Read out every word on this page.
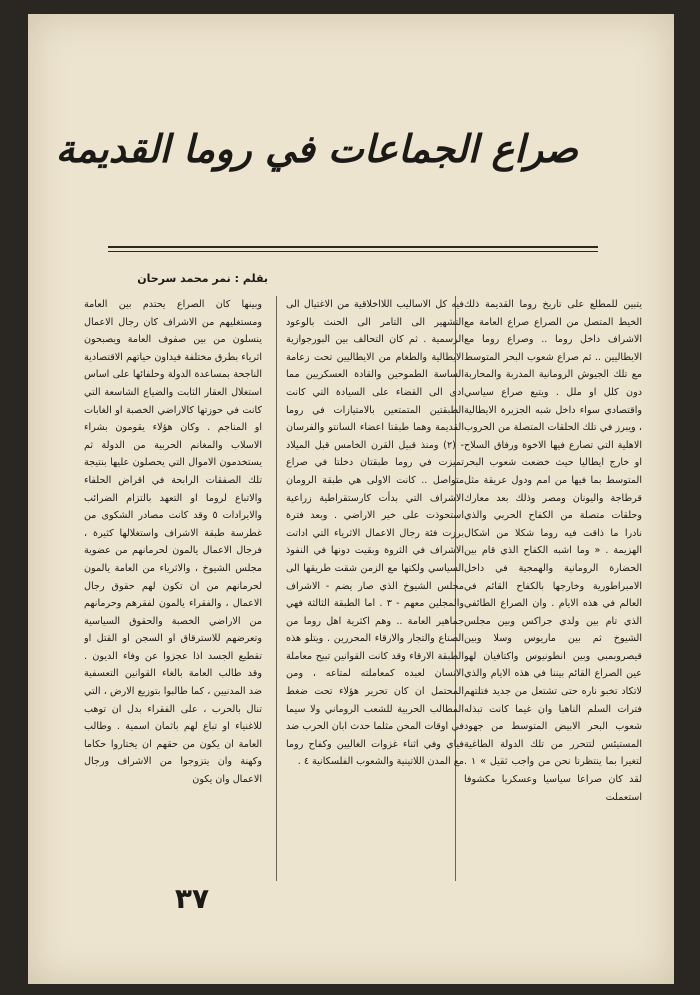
صراع الجماعات في روما القديمة
بقلم : نمر محمد سرحان

يتبين للمطلع على تاريخ روما القديمة ذلك الخيط المتصل من الصراع صراع العامة مع الاشراف داخل روما .. وصراع روما مع الايطاليين .. ثم صراع شعوب البحر المتوسط مع تلك الجيوش الرومانية المدربة والمحاربة دون كلل او ملل . ويتبع صراع سياسي واقتصادي سواء داخل شبه الجزيرة الايطالية ، ويبرز في تلك الحلقات المتصلة من الحروب الاهلية التي تصارع فيها الاخوة ورفاق السلاح او خارج ايطاليا حيث خضعت شعوب البحر المتوسط بما فيها من امم ودول عريقة مثل قرطاجة واليونان ومصر وذلك بعد معارك وحلقات متصلة من الكفاح الحربي والذي نادرا ما ذاقت فيه روما شكلا من اشكال الهزيمة . « وما اشبه الكفاح الذي قام بين الحضارة الرومانية والهمجية في داخل الامبراطورية وخارجها بالكفاح القائم في العالم في هذه الايام . وان الصراع الطائفي الذي تام بين ولدي جراكس وبين مجلس الشيوخ ثم بين ماريوس وسلا وبين قيصروبمبي وبين انطونيوس واكتافيان لهو عين الصراع القائم بيننا في هذه الايام والذي لاتكاد تخبو ناره حتى تشتعل من جديد فتلتهم فترات السلم الناهبا وان غيما كانت تبذله شعوب البحر الابيض المتوسط من جهود المستيئس لتتحرر من تلك الدولة الطاغية لتغيرا بما ينتظرنا نحن من واجب ثقيل » ١ . لقد كان صراعا سياسيا وعسكريا مكشوفا استعملت

فيه كل الاساليب اللااخلاقية من الاغتيال الى التشهير الى التامر الى الحنث بالوعود الرسمية . ثم كان التحالف بين البورجوازية الايطالية والطغام من الايطاليين تحت زعامة الساسة الطموحين والقادة العسكريين مما ادى الى القضاء على السيادة التي كانت الطبقتين المتمتعين بالامتيازات في روما القديمة وهما طبقتا اعضاء السانتو والفرسان - (٢) ومنذ قبيل القرن الخامس قبل الميلاد تميزت في روما طبقتان دخلتا في صراع متواصل .. كانت الاولى هي طبقة الرومان الاشراف التي بدأت كارستقراطية زراعية استحوذت على خير الاراضي . وبعد فترة برزت فئة رجال الاعمال الاثرياء التي اداتت الاشراف في الثروة وبقيت دونها في النفوذ السياسي ولكنها مع الزمن شقت طريقها الى مجلس الشيوخ الذي صار يضم - الاشراف والمجلين معهم - ٣ . اما الطبقة الثالثة فهي جماهير العامة .. وهم اكثرية اهل روما من الصناع والتجار والارقاء المحررين . ويتلو هذه الطبقة الارقاء وقد كانت القوانين تبيح معاملة الانسان لعبده كمعاملته لمتاعه ، ومن المحتمل ان كان تحرير هؤلاء تحت ضغط المطالب الحربية للشعب الروماني ولا سيما في اوقات المحن مثلما حدث ابان الحرب ضد فياي وفي اثناء غزوات الغاليين وكفاح روما مع المدن اللاتينية والشعوب الفلسكانية ٤ .

وبينها كان الصراع يحتدم بين العامة ومستغليهم من الاشراف كان رجال الاعمال ينسلون من بين صفوف العامة ويصبحون اثرياء بطرق مختلفة فيداون حياتهم الاقتصادية الناجحة بمساعدة الدولة وحلفائها على اساس استغلال العقار الثابت والضياع الشاسعة التي كانت في حوزتها كالاراضي الخصبة او الغابات او المناجم . وكان هؤلاء يقومون بشراء الاسلاب والمغانم الحربية من الدولة ثم يستخدمون الاموال التي يحصلون عليها بنتيجة تلك الصفقات الرابحة في اقراض الحلفاء والاتباع لروما او التعهد بالتزام الضرائب والايرادات ٥ وقد كانت مصادر الشكوى من غطرسة طبقة الاشراف واستغلالها كثيرة ، فرجال الاعمال يالمون لحرمانهم من عضوية مجلس الشيوخ ، والاثرياء من العامة يالمون لحرمانهم من ان تكون لهم حقوق رجال الاعمال ، والفقراء يالمون لفقرهم وحرمانهم من الاراضي الخصبة والحقوق السياسية وتعرضهم للاسترقاق او السجن او القتل او تقطيع الجسد اذا عجزوا عن وفاء الديون . وقد طالب العامة بالغاء القوانين التعسفية ضد المدنيين ، كما طالبوا بتوزيع الارض ، التي تنال بالحرب ، على الفقراء بدل ان توهب للاغنياء او تباع لهم باثمان اسمية . وطالب العامة ان يكون من حقهم ان يختاروا حكاما وكهنة وان يتزوجوا من الاشراف ورجال الاعمال وان يكون

٣٧
